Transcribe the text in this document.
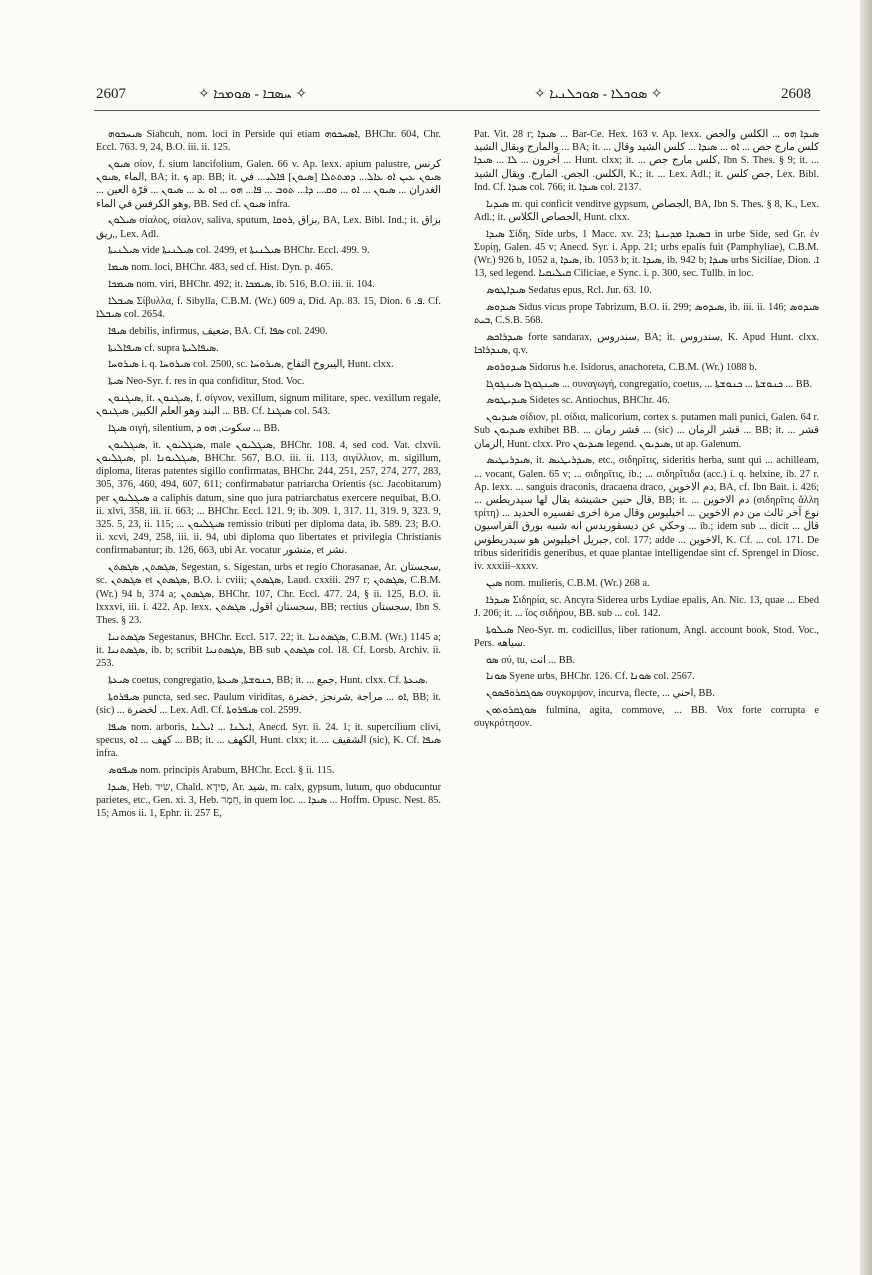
2607	✧ ܚܣܒܐ - ܣܘܡܟܐ ✧	✧ ܣܘܟܠܐ - ܣܘܟܠܢܝܐ ✧	2608

ܣܝܚܟܘܗ Siahcuh, nom. loci in Perside qui etiam ܐܣܚܟܘܗ, BHChr. 604, Chr. Eccl. 763. 9, 24, B.O. iii. ii. 125.

ܣܝܘܢ σίον, f. sium lancifolium, Galen. 66 v. Ap. lexx. apium palustre, كرنس الماء ,ܣܝܘܢ, BA; it. ܟ ap. BB; it. ܣܝܘܢ ܥܝܢ ܐܘ ܥܐܠ... ܕܡܬܬܠܐ [ܣܝܘܢ] ܦܐܠܝ... في الغدران ... ܣܝܘܢ ... ܐܘ ... ܘܩ... ܕܐ... ܬܘܒ ... ܦܐ... ܗܘ ... ܐܘ ܥ ... ܣܝܘܢ ... قرّة العين ... وهو الكرفس في الماء, BB. Sed cf. ܣܝܘܢ infra.

ܣܝܠܘܢ σίαλος, σίαλον, saliva, sputum, بزاق ,ܪܘܩܐ, BA, Lex. Bibl. Ind.; it. بزاق ,ريق, Lex. Adl.

ܣܝܠܢܝܬܐ vide ܣܝܠܢܝܬܐ col. 2499, et ܣܝܠܢܝܬܐ BHChr. Eccl. 499. 9.

ܣܝܡܐ nom. loci, BHChr. 483, sed cf. Hist. Dyn. p. 465.

ܣܝܡܟܐ nom. viri, BHChr. 492; it. ܣܝܡܟܐ, ib. 516, B.O. iii. ii. 104.

ܣܝܒܠܐ Σίβυλλα, f. Sibylla, C.B.M. (Wr.) 609 a, Did. Ap. 83. 15, Dion. ܦ. 6. Cf. ܣܝܒܠܐ col. 2654.

ܣܝܦܐ debilis, infirmus, ضعيف, BA. Cf. ܣܦܐ col. 2490.

ܣܝܦܐܠܝܬܐ cf. supra ܣܝܦܐܠܝܬܐ.

ܣܝܪܘܚܐ i. q. ܣܝܪܘܚܐ col. 2500, sc. اليبروح التفاح ,ܣܝܪܘܚܐ, Hunt. clxx.

ܣܝܬܐ Neo-Syr. f. res in qua confiditur, Stod. Voc.

ܣܝܓܢܘܢ, it. ܣܝܓܢܘܢ, f. σίγνον, vexillum, signum militare, spec. vexillum regale, البند وهو العلم الكبير, ܣܝܓܢܘܢ ... BB. Cf. ܣܝܓܢܐ col. 543.

ܣܝܓܐ σιγή, silentium, سكوت, ܗܘ ܕ ... BB.

ܣܝܓܠܝܘܢ, it. ܣܝܓܠܝܘܢ, male ܣܝܓܠܝܘܢ, BHChr. 108. 4, sed cod. Vat. clxvii. ܣܝܓܠܝܘܢ, pl. ܣܝܓܠܝܘܢܐ, BHChr. 567, B.O. iii. ii. 113, σιγίλλιον, m. sigillum, diploma, literas patentes sigillo confirmatas, BHChr. 244, 251, 257, 274, 277, 283, 305, 376, 460, 494, 607, 611; confirmabatur patriarcha Orientis (sc. Jacobitarum) per ܣܝܓܠܝܘܢ a caliphis datum, sine quo jura patriarchatus exercere nequibat, B.O. ii. xlvi, 358, iii. ii. 663; ... BHChr. Eccl. 121. 9; ib. 309. 1, 317. 11, 319. 9, 323. 9, 325. 5, 23, ii. 115; ... ܣܝܓܠܝܘܢ remissio tributi per diploma data, ib. 589. 23; B.O. ii. xcvi, 249, 258, iii. ii. 94, ubi diploma quo libertates et privilegia Christianis confirmabantur; ib. 126, 663, ubi Ar. vocatur منشور, et نشر.

ܣܓܣܬܢ, ܣܓܣܬܢ, Segestan, s. Sigestan, urbs et regio Chorasanae, Ar. سجستان, sc. ܣܓܣܬܢ et ܣܓܣܬܢ, B.O. i. cviii; ܣܓܣܬܢ, Laud. cxxiii. 297 r; ܣܓܣܬܢ, C.B.M. (Wr.) 94 b, 374 a; ܣܓܣܬܢ, BHChr. 107, Chr. Eccl. 477. 24, § ii. 125, B.O. ii. lxxxvi, iii. i. 422. Ap. lexx. سجستان اقول, ܣܓܣܬܢ, BB; rectius سجستان, Ibn S. Thes. § 23.

ܣܓܣܬܢܝܐ Segestanus, BHChr. Eccl. 517. 22; it. ܣܓܣܬܢܝܐ, C.B.M. (Wr.) 1145 a; it. ܣܓܣܬܢܝܐ, ib. b; scribit ܣܓܣܬܢܝܐ, BB sub ܣܓܣܬܢ col. 18. Cf. Lorsb. Archiv. ii. 253.

ܣܝܥܬܐ coetus, congregatio, ܟܢܘܫܬܐ, ܣܝܥܬܐ, BB; it. ... جمع, Hunt. clxx. Cf. ܣܝܥܬܐ.

ܣܝܦܪܘܬܐ puncta, sed sec. Paulum viriditas, ܐܘ ... مراجة ,شرنجز ,خضرة, BB; it. (sic) ... لخضرة ... Lex. Adl. Cf. ܣܝܦܪܘܬܐ col. 2599.

ܣܝܦܐ nom. arboris, ܐܝܠܢܐ ... ܐܝܠܢܐ, Anecd. Syr. ii. 24. 1; it. supercilium clivi, specus, كهف ... ܐܘ ... BB; it. ... الكهف, Hunt. clxx; it. ... الشقيف (sic), K. Cf. ܣܝܦܐ infra.

ܣܝܦܘܣ nom. principis Arabum, BHChr. Eccl. § ii. 115.

ܣܝܕܐ, Heb. שִׂיד, Chald. סִידָא, Ar. شيد, m. calx, gypsum, lutum, quo obducuntur parietes, etc., Gen. xi. 3, Heb. חֵמָר, in quem loc. ... ܣܝܕܐ ... Hoffm. Opusc. Nest. 85. 15; Amos ii. 1, Ephr. ii. 257 E,

Pat. Vit. 28 r; ܣܝܕܐ ... Bar-Ce. Hex. 163 v. Ap. lexx. ܣܝܕܐ ܗܘ ... الكلس والجص والمارج ويقال الشيد ... BA; it. ... كلس مارج جص ... ܐܘ ... ܣܝܕܐ ... كلس الشيد وقال آخرون ... ܠܐ ... ܣܝܕܐ ... Hunt. clxx; it. ... كلس مارج جص, Ibn S. Thes. § 9; it. ... الكلس. الجص. المارج. ويقال الشيد, K.; it. ... Lex. Adl.; it. جص كلس, Lex. Bibl. Ind. Cf. ܣܝܕܐ col. 766; it. ܣܝܕܐ col. 2137.

ܣܝܕܝܐ m. qui conficit venditve gypsum, الجصاص, BA, Ibn S. Thes. § 8, K., Lex. Adl.; it. الجصاص الكلاس, Hunt. clxx.

ܣܝܕܐ Σίδη, Side urbs, 1 Macc. xv. 23; ܒܣܝܕܐ ܡܕܝܢܬܐ in urbe Side, sed Gr. ἐν Συρίῃ, Galen. 45 v; Anecd. Syr. i. App. 21; urbs epalis fuit (Pamphyliae), C.B.M. (Wr.) 926 b, 1052 a, ܣܝܕܐ, ib. 1053 b; it. ܣܝܕܐ, ib. 942 b; ܣܝܕܐ urbs Siciliae, Dion. ܐ. 13, sed legend. ܩܝܠܝܩܝܐ Ciliciae, e Sync. i. p. 300, sec. Tullb. in loc.

ܣܝܕܐܛܘܣ Sedatus epus, Rcl. Jur. 63. 10.

ܣܝܕܘܣ Sidus vicus prope Tabrizum, B.O. ii. 299; ܣܝܕܘܣ, ib. iii. ii. 146; ܣܝܕܘܣ ܒܝܬ, C.S.B. 568.

ܣܝܕܪܐܟܣ forte sandarax, سندروس, BA; it. سندروس, K. Apud Hunt. clxx. ܣܢܕܪܐܟܐ, q.v.

ܣܝܕܘܪܘܣ Sidorus h.e. Isidorus, anachoreta, C.B.M. (Wr.) 1088 b.

ܣܝܢܓܘܓܐ ܣܝܢܓܘܓܐ ... συναγωγή, congregatio, coetus, ... ܟܢܘܫܬܐ ... ܟܢܘܫܬܐ ... BB.

ܣܝܕܝܛܘܣ Sidetes sc. Antiochus, BHChr. 46.

ܣܝܕܝܘܢ σίδιον, pl. σίδια, malicorium, cortex s. putamen mali punici, Galen. 64 r. Sub ܣܝܕܝܘܢ exhibet BB. ... قشر رمان ... (sic) ... قشر الرمان ... BB; it. ... قشر الرمان, Hunt. clxx. Pro ܣܝܕܝܘܢ legend. ܣܝܕܝܘܢ, ut ap. Galenum.

ܣܝܕܪܝܛܝܣ, it. ܣܝܕܪܝܛܝܣ, etc., σιδηρῖτις, sideritis herba, sunt qui ... achilleam, ... vocant, Galen. 65 v; ... σιδηρῖτις, ib.; ... σιδηρῖτιδα (acc.) i. q. helxine, ib. 27 r. Ap. lexx. ... sanguis draconis, dracaena draco, دم الاخوين, BA, cf. Ibn Bait. i. 426; ... قال حنين حشيشة يقال لها سيدريطس, BB; it. ... دم الاخوين (σιδηρῖτις ἄλλη τρίτη) ... نوع آخر ثالث من دم الاخوين ... اخيليوس وقال مرة اخرى تفسيره الحديد وحكي عن ديسقوريدس انه شبيه بورق الفراسيون ... ib.; idem sub ... dicit ... قال جبريل اخيليوس هو سيدريطوس, col. 177; adde ... الاخوين, K. Cf. ... col. 171. De tribus sideritidis generibus, et quae plantae intelligendae sint cf. Sprengel in Diosc. iv. xxxiii–xxxv.

ܣܝܢ nom. mulieris, C.B.M. (Wr.) 268 a.

ܣܝܕܪܐ Σιδηρία, sc. Ancyra Siderea urbs Lydiae epalis, An. Nic. 13, quae ... Ebed J. 206; it. ... ἴος σιδήρου, BB. sub ... col. 142.

ܣܝܠܘܬܐ Neo-Syr. m. codicillus, liber rationum, Angl. account book, Stod. Voc., Pers. سياهه.

ܣܘ σύ, tu, انت ... BB.

ܣܘܢܐ Syene urbs, BHChr. 126. Cf. ܣܘܢܐ col. 2567.

ܣܘܓܩܪܘܦܣܘܢ συγκομψον, incurva, flecte, ... احني, BB.

ܣܘܓܩܪܘܬܘܢ fulmina, agita, commove, ... BB. Vox forte corrupta e συγκρότησον.
